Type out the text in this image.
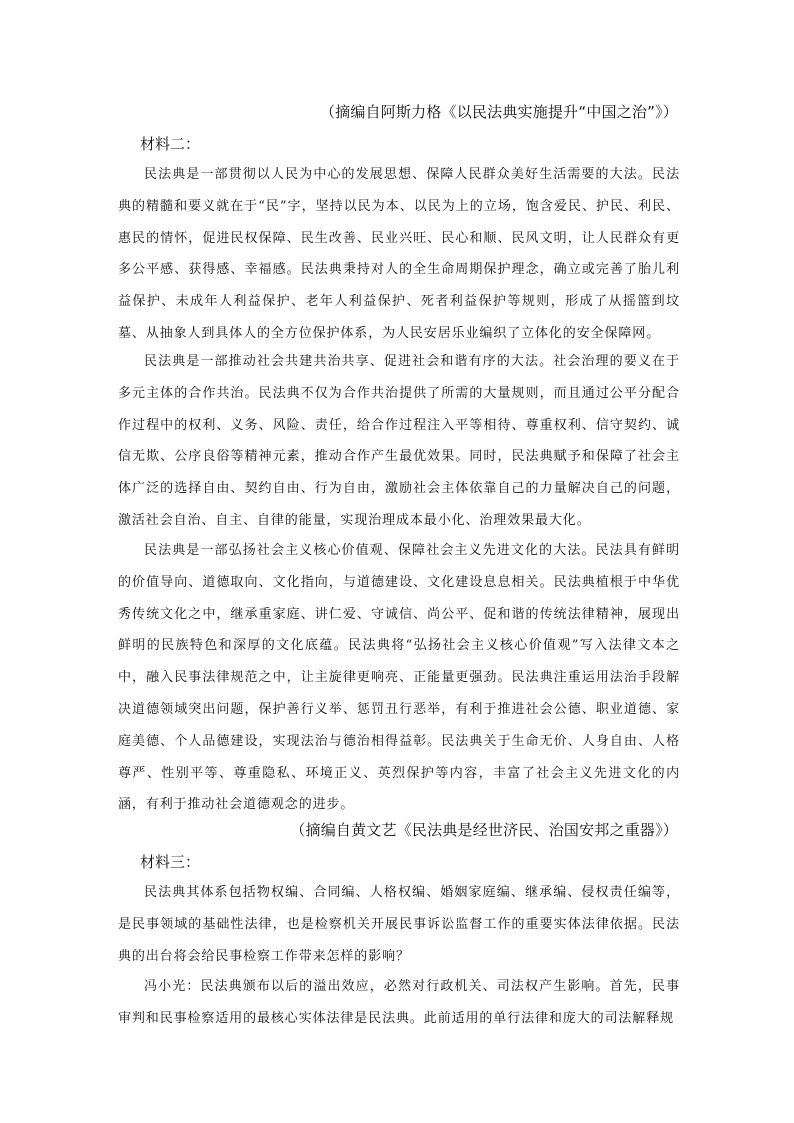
（摘编自阿斯力格《以民法典实施提升“中国之治”》）
材料二：

民法典是一部贯彻以人民为中心的发展思想、保障人民群众美好生活需要的大法。民法典的精髓和要义就在于“民”字，坚持以民为本、以民为上的立场，饱含爱民、护民、利民、惠民的情怀，促进民权保障、民生改善、民业兴旺、民心和顺、民风文明，让人民群众有更多公平感、获得感、幸福感。民法典秉持对人的全生命周期保护理念，确立或完善了胎儿利益保护、未成年人利益保护、老年人利益保护、死者利益保护等规则，形成了从摇篮到坟墓、从抽象人到具体人的全方位保护体系，为人民安居乐业编织了立体化的安全保障网。

民法典是一部推动社会共建共治共享、促进社会和谐有序的大法。社会治理的要义在于多元主体的合作共治。民法典不仅为合作共治提供了所需的大量规则，而且通过公平分配合作过程中的权利、义务、风险、责任，给合作过程注入平等相待、尊重权利、信守契约、诚信无欺、公序良俗等精神元素，推动合作产生最优效果。同时，民法典赋予和保障了社会主体广泛的选择自由、契约自由、行为自由，激励社会主体依靠自己的力量解决自己的问题，激活社会自治、自主、自律的能量，实现治理成本最小化、治理效果最大化。

民法典是一部弘扬社会主义核心价值观、保障社会主义先进文化的大法。民法具有鲜明的价值导向、道德取向、文化指向，与道德建设、文化建设息息相关。民法典植根于中华优秀传统文化之中，继承重家庭、讲仁爱、守诚信、尚公平、促和谐的传统法律精神，展现出鲜明的民族特色和深厚的文化底蕴。民法典将“弘扬社会主义核心价值观”写入法律文本之中，融入民事法律规范之中，让主旋律更响亮、正能量更强劲。民法典注重运用法治手段解决道德领域突出问题，保护善行义举、惩罚丑行恶举，有利于推进社会公德、职业道德、家庭美德、个人品德建设，实现法治与德治相得益彰。民法典关于生命无价、人身自由、人格尊严、性别平等、尊重隐私、环境正义、英烈保护等内容，丰富了社会主义先进文化的内涵，有利于推动社会道德观念的进步。

（摘编自黄文艺《民法典是经世济民、治国安邦之重器》）
材料三：

民法典其体系包括物权编、合同编、人格权编、婚姻家庭编、继承编、侵权责任编等，是民事领域的基础性法律，也是检察机关开展民事诉讼监督工作的重要实体法律依据。民法典的出台将会给民事检察工作带来怎样的影响？

冯小光：民法典颁布以后的溢出效应，必然对行政机关、司法权产生影响。首先，民事审判和民事检察适用的最核心实体法律是民法典。此前适用的单行法律和庞大的司法解释规
